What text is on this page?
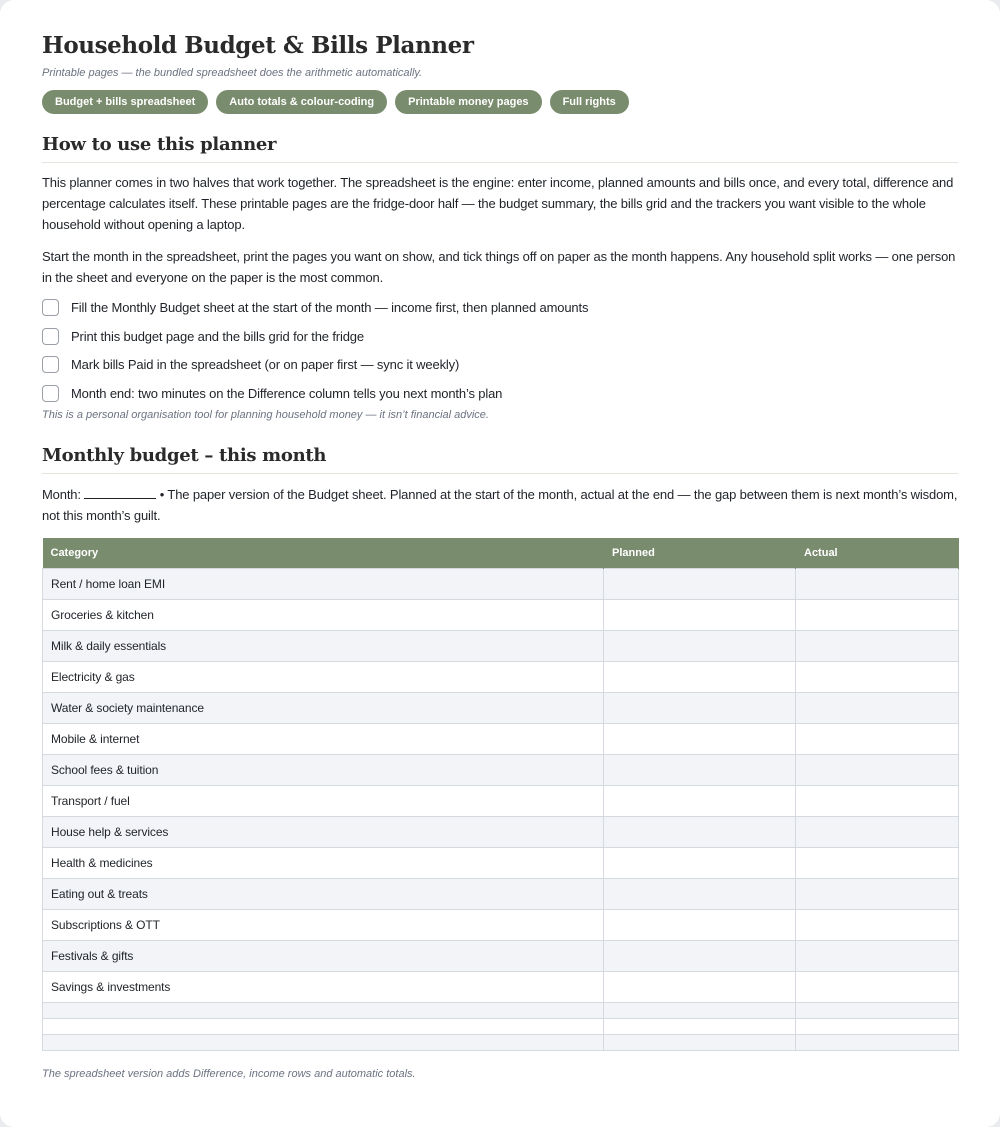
Household Budget & Bills Planner

Printable pages — the bundled spreadsheet does the arithmetic automatically.

Budget + bills spreadsheet	Auto totals & colour-coding	Printable money pages	Full rights
How to use this planner

This planner comes in two halves that work together. The spreadsheet is the engine: enter income, planned amounts and bills once, and every total, difference and percentage calculates itself. These printable pages are the fridge-door half — the budget summary, the bills grid and the trackers you want visible to the whole household without opening a laptop.

Start the month in the spreadsheet, print the pages you want on show, and tick things off on paper as the month happens. Any household split works — one person in the sheet and everyone on the paper is the most common.

Fill the Monthly Budget sheet at the start of the month — income first, then planned amounts
Print this budget page and the bills grid for the fridge
Mark bills Paid in the spreadsheet (or on paper first — sync it weekly)
Month end: two minutes on the Difference column tells you next month’s plan

This is a personal organisation tool for planning household money — it isn’t financial advice.

Monthly budget – this month

Month:	• The paper version of the Budget sheet. Planned at the start of the month, actual at the end — the gap between them is next month’s wisdom, not this month’s guilt.

Category	Planned	Actual
Rent / home loan EMI		
Groceries & kitchen		
Milk & daily essentials		
Electricity & gas		
Water & society maintenance		
Mobile & internet		
School fees & tuition		
Transport / fuel		
House help & services		
Health & medicines		
Eating out & treats		
Subscriptions & OTT		
Festivals & gifts		
Savings & investments		

The spreadsheet version adds Difference, income rows and automatic totals.
